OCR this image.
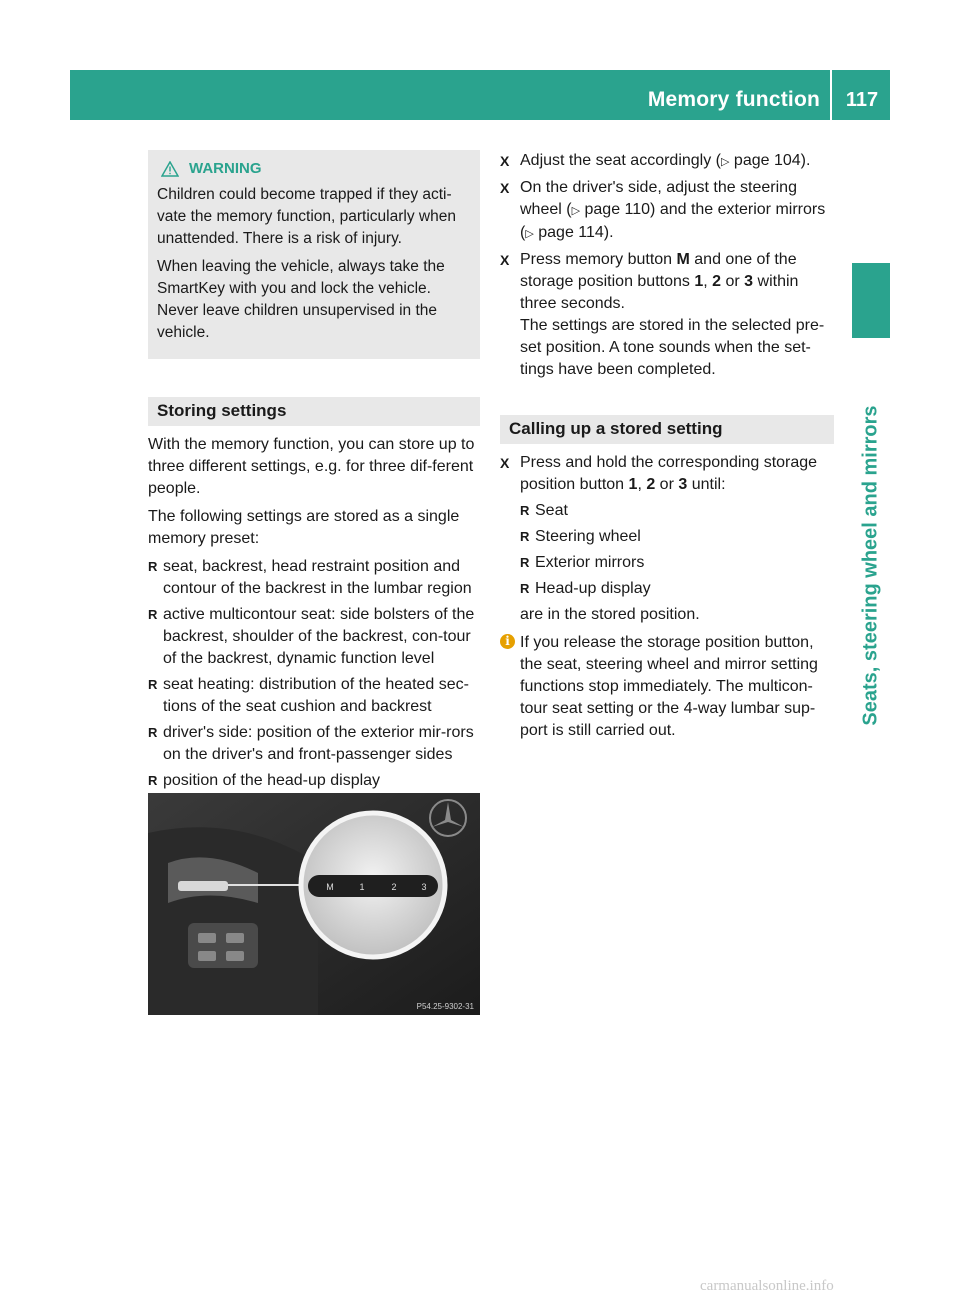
Memory function	117
Seats, steering wheel and mirrors
WARNING

Children could become trapped if they acti-vate the memory function, particularly when unattended. There is a risk of injury.

When leaving the vehicle, always take the SmartKey with you and lock the vehicle. Never leave children unsupervised in the vehicle.

Storing settings

With the memory function, you can store up to three different settings, e.g. for three dif-ferent people.

The following settings are stored as a single memory preset:

R seat, backrest, head restraint position and contour of the backrest in the lumbar region
R active multicontour seat: side bolsters of the backrest, shoulder of the backrest, con-tour of the backrest, dynamic function level
R seat heating: distribution of the heated sec-tions of the seat cushion and backrest
R driver's side: position of the exterior mir-rors on the driver's and front-passenger sides
R position of the head-up display
M	1	2	3
P54.25-9302-31
X Adjust the seat accordingly (▷ page 104).
X On the driver's side, adjust the steering wheel (▷ page 110) and the exterior mirrors (▷ page 114).
X Press memory button M and one of the storage position buttons 1, 2 or 3 within three seconds.
The settings are stored in the selected pre-set position. A tone sounds when the set-tings have been completed.
Calling up a stored setting
X Press and hold the corresponding storage position button 1, 2 or 3 until:
R Seat
R Steering wheel
R Exterior mirrors
R Head-up display

are in the stored position.

i If you release the storage position button, the seat, steering wheel and mirror setting functions stop immediately. The multicon-tour seat setting or the 4-way lumbar sup-port is still carried out.
carmanualsonline.info
